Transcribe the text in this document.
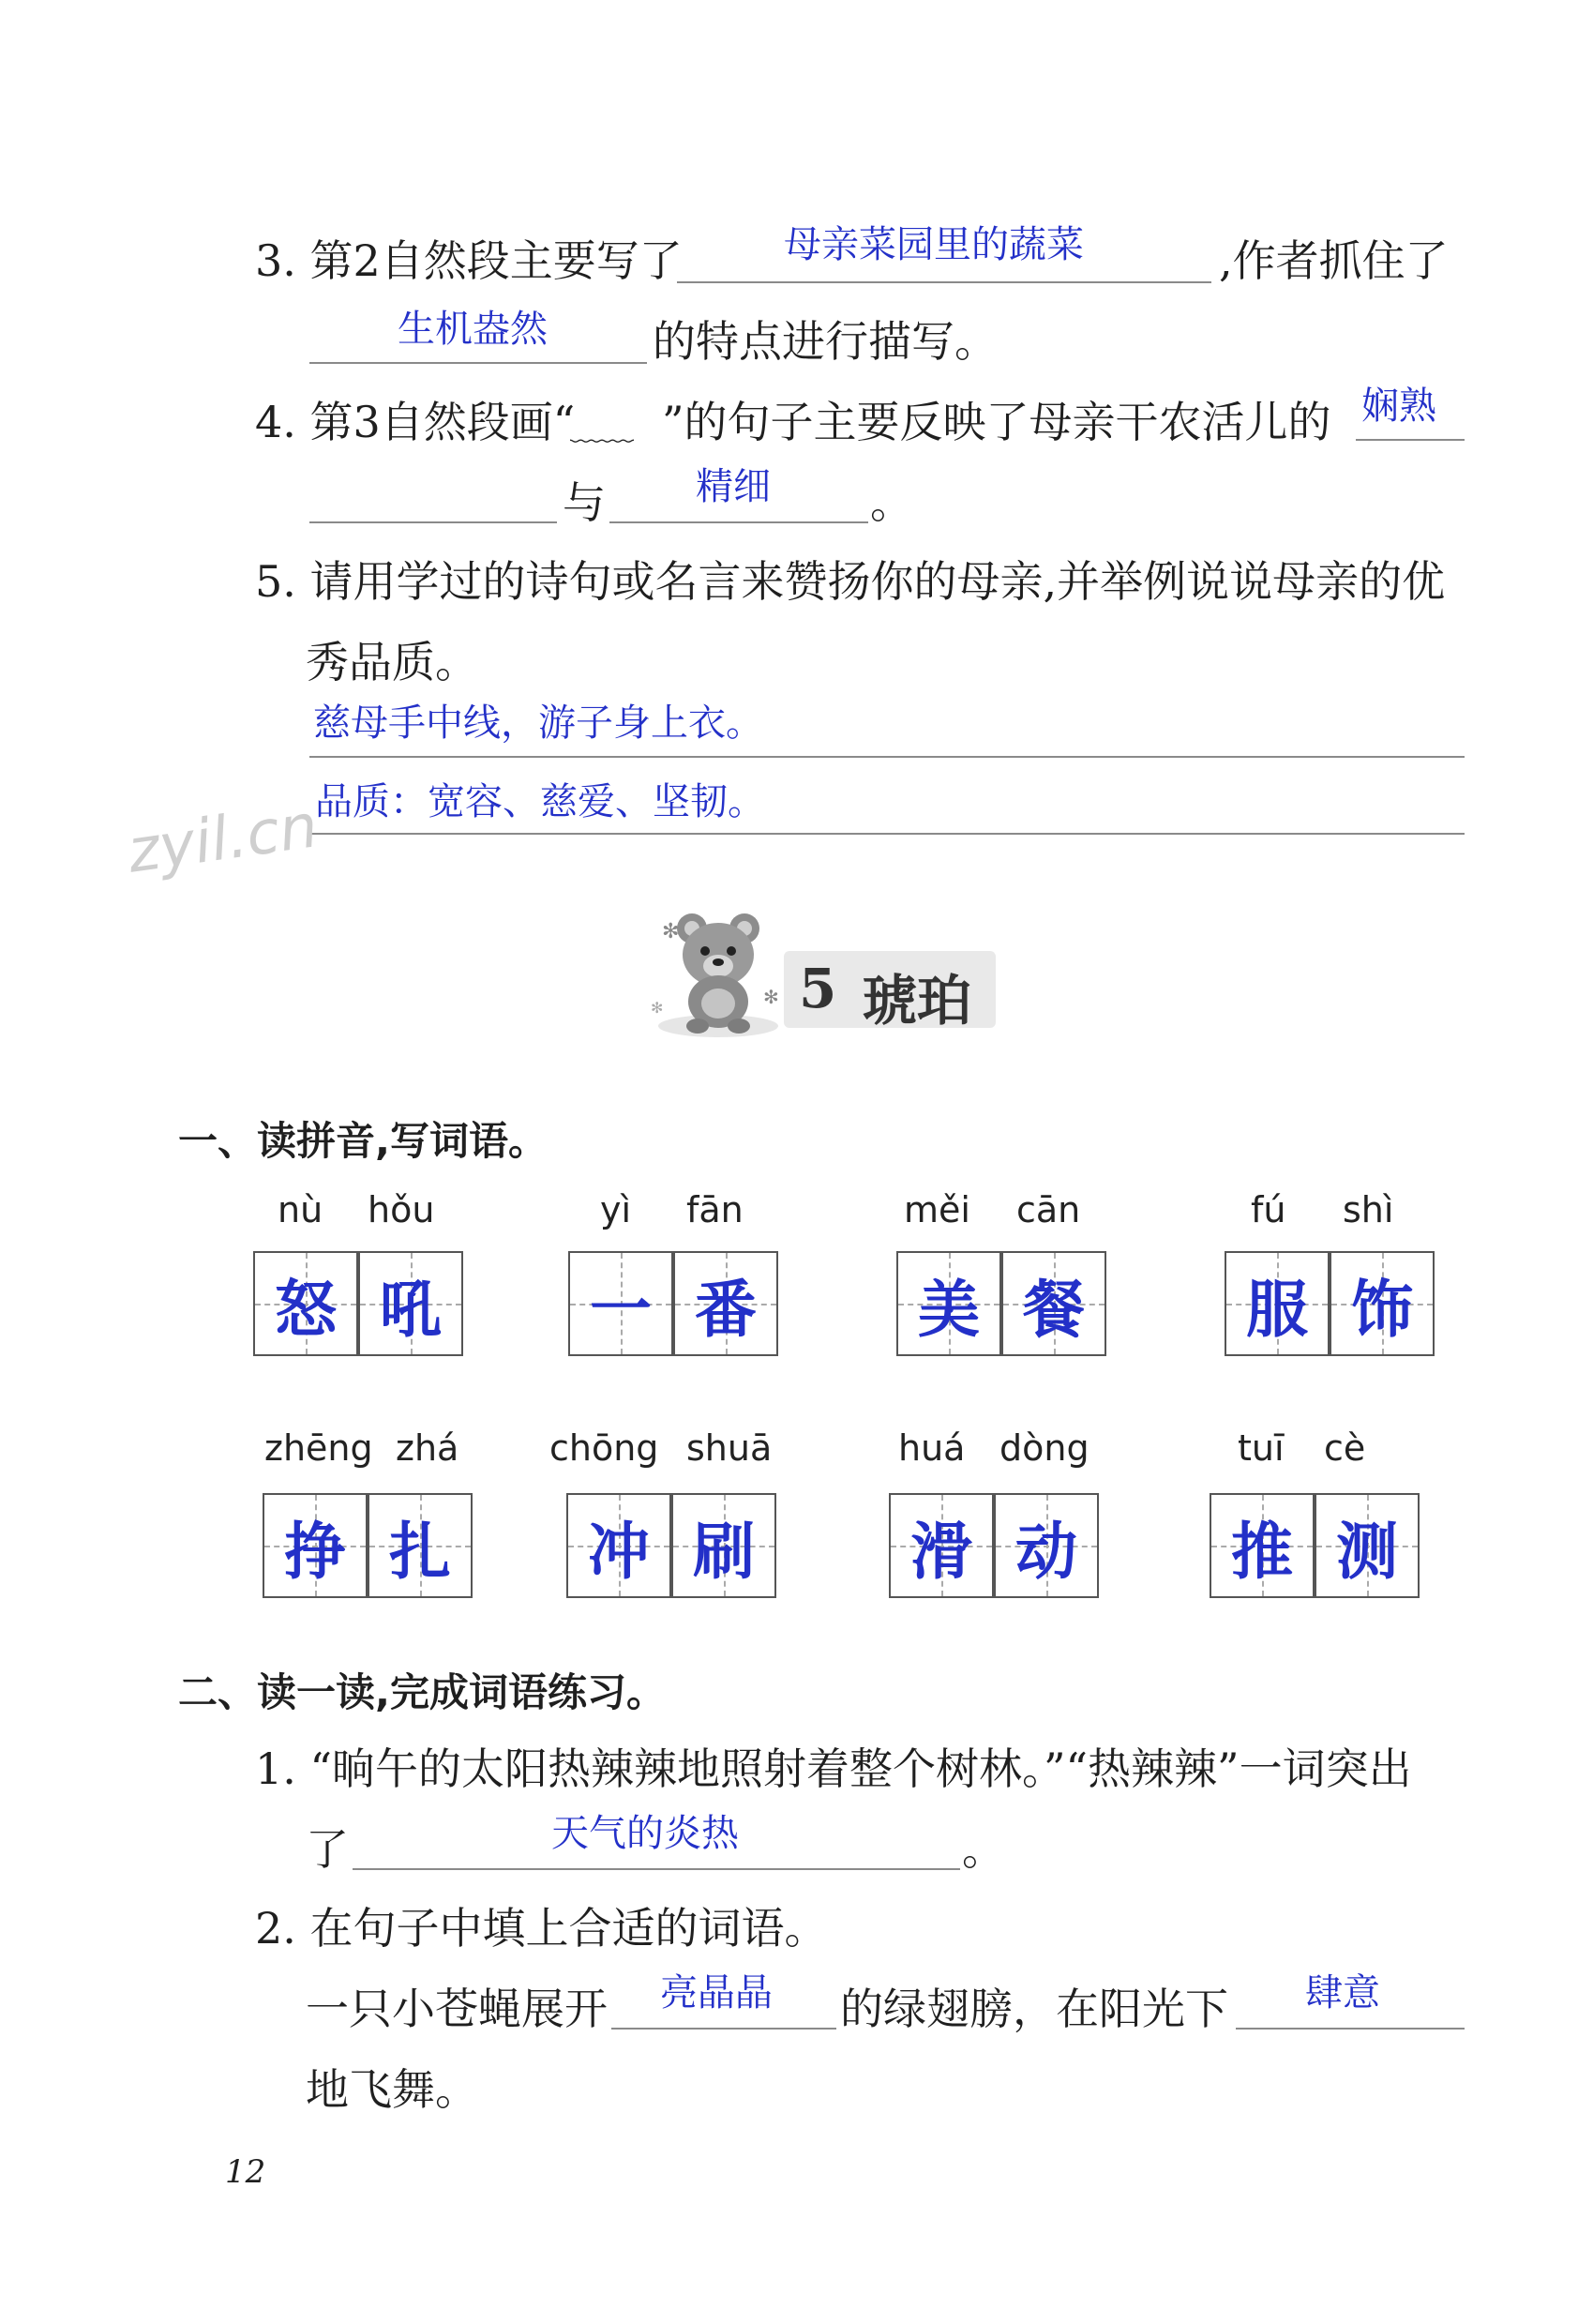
3. 第2自然段主要写了	母亲菜园里的蔬菜	,作者抓住了
生机盎然 的特点进行描写。
4. 第3自然段画“
﹏﹏ ”的句子主要反映了母亲干农活儿的 娴熟
与 精细 。
5. 请用学过的诗句或名言来赞扬你的母亲,并举例说说母亲的优
秀品质。
慈母手中线，游子身上衣。
品质：宽容、慈爱、坚韧。
zyil.cn
✻
✻
✻ 5 琥珀
一、读拼音,写词语。
nù hǒu	yì fān	měi cān	fú shì
怒 吼	一 番	美 餐	服 饰
zhēng zhá	chōng shuā	huá dòng	tuī cè
挣 扎	冲 刷	滑 动	推 测
二、读一读,完成词语练习。
1. “晌午的太阳热辣辣地照射着整个树林。”“热辣辣”一词突出
了	天气的炎热	。
2. 在句子中填上合适的词语。
一只小苍蝇展开 亮晶晶 的绿翅膀，在阳光下 肆意
地飞舞。
12
